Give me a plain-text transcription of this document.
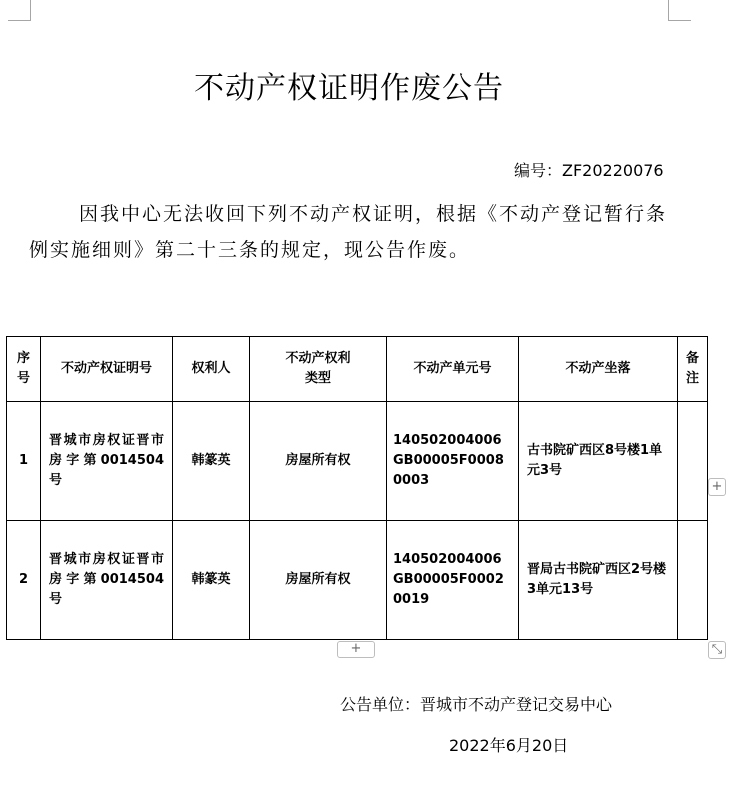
不动产权证明作废公告
编号：ZF20220076
因我中心无法收回下列不动产权证明，根据《不动产登记暂行条例实施细则》第二十三条的规定，现公告作废。
序号	不动产权证明号	权利人	不动产权利类型	不动产单元号	不动产坐落	备注
1	晋城市房权证晋市房字第0014504号	韩篆英	房屋所有权	140502004006GB00005F00080003	古书院矿西区8号楼1单元3号	
2	晋城市房权证晋市房字第0014504号	韩篆英	房屋所有权	140502004006GB00005F00020019	晋局古书院矿西区2号楼3单元13号	
+
+	⤡
公告单位：晋城市不动产登记交易中心
2022年6月20日
